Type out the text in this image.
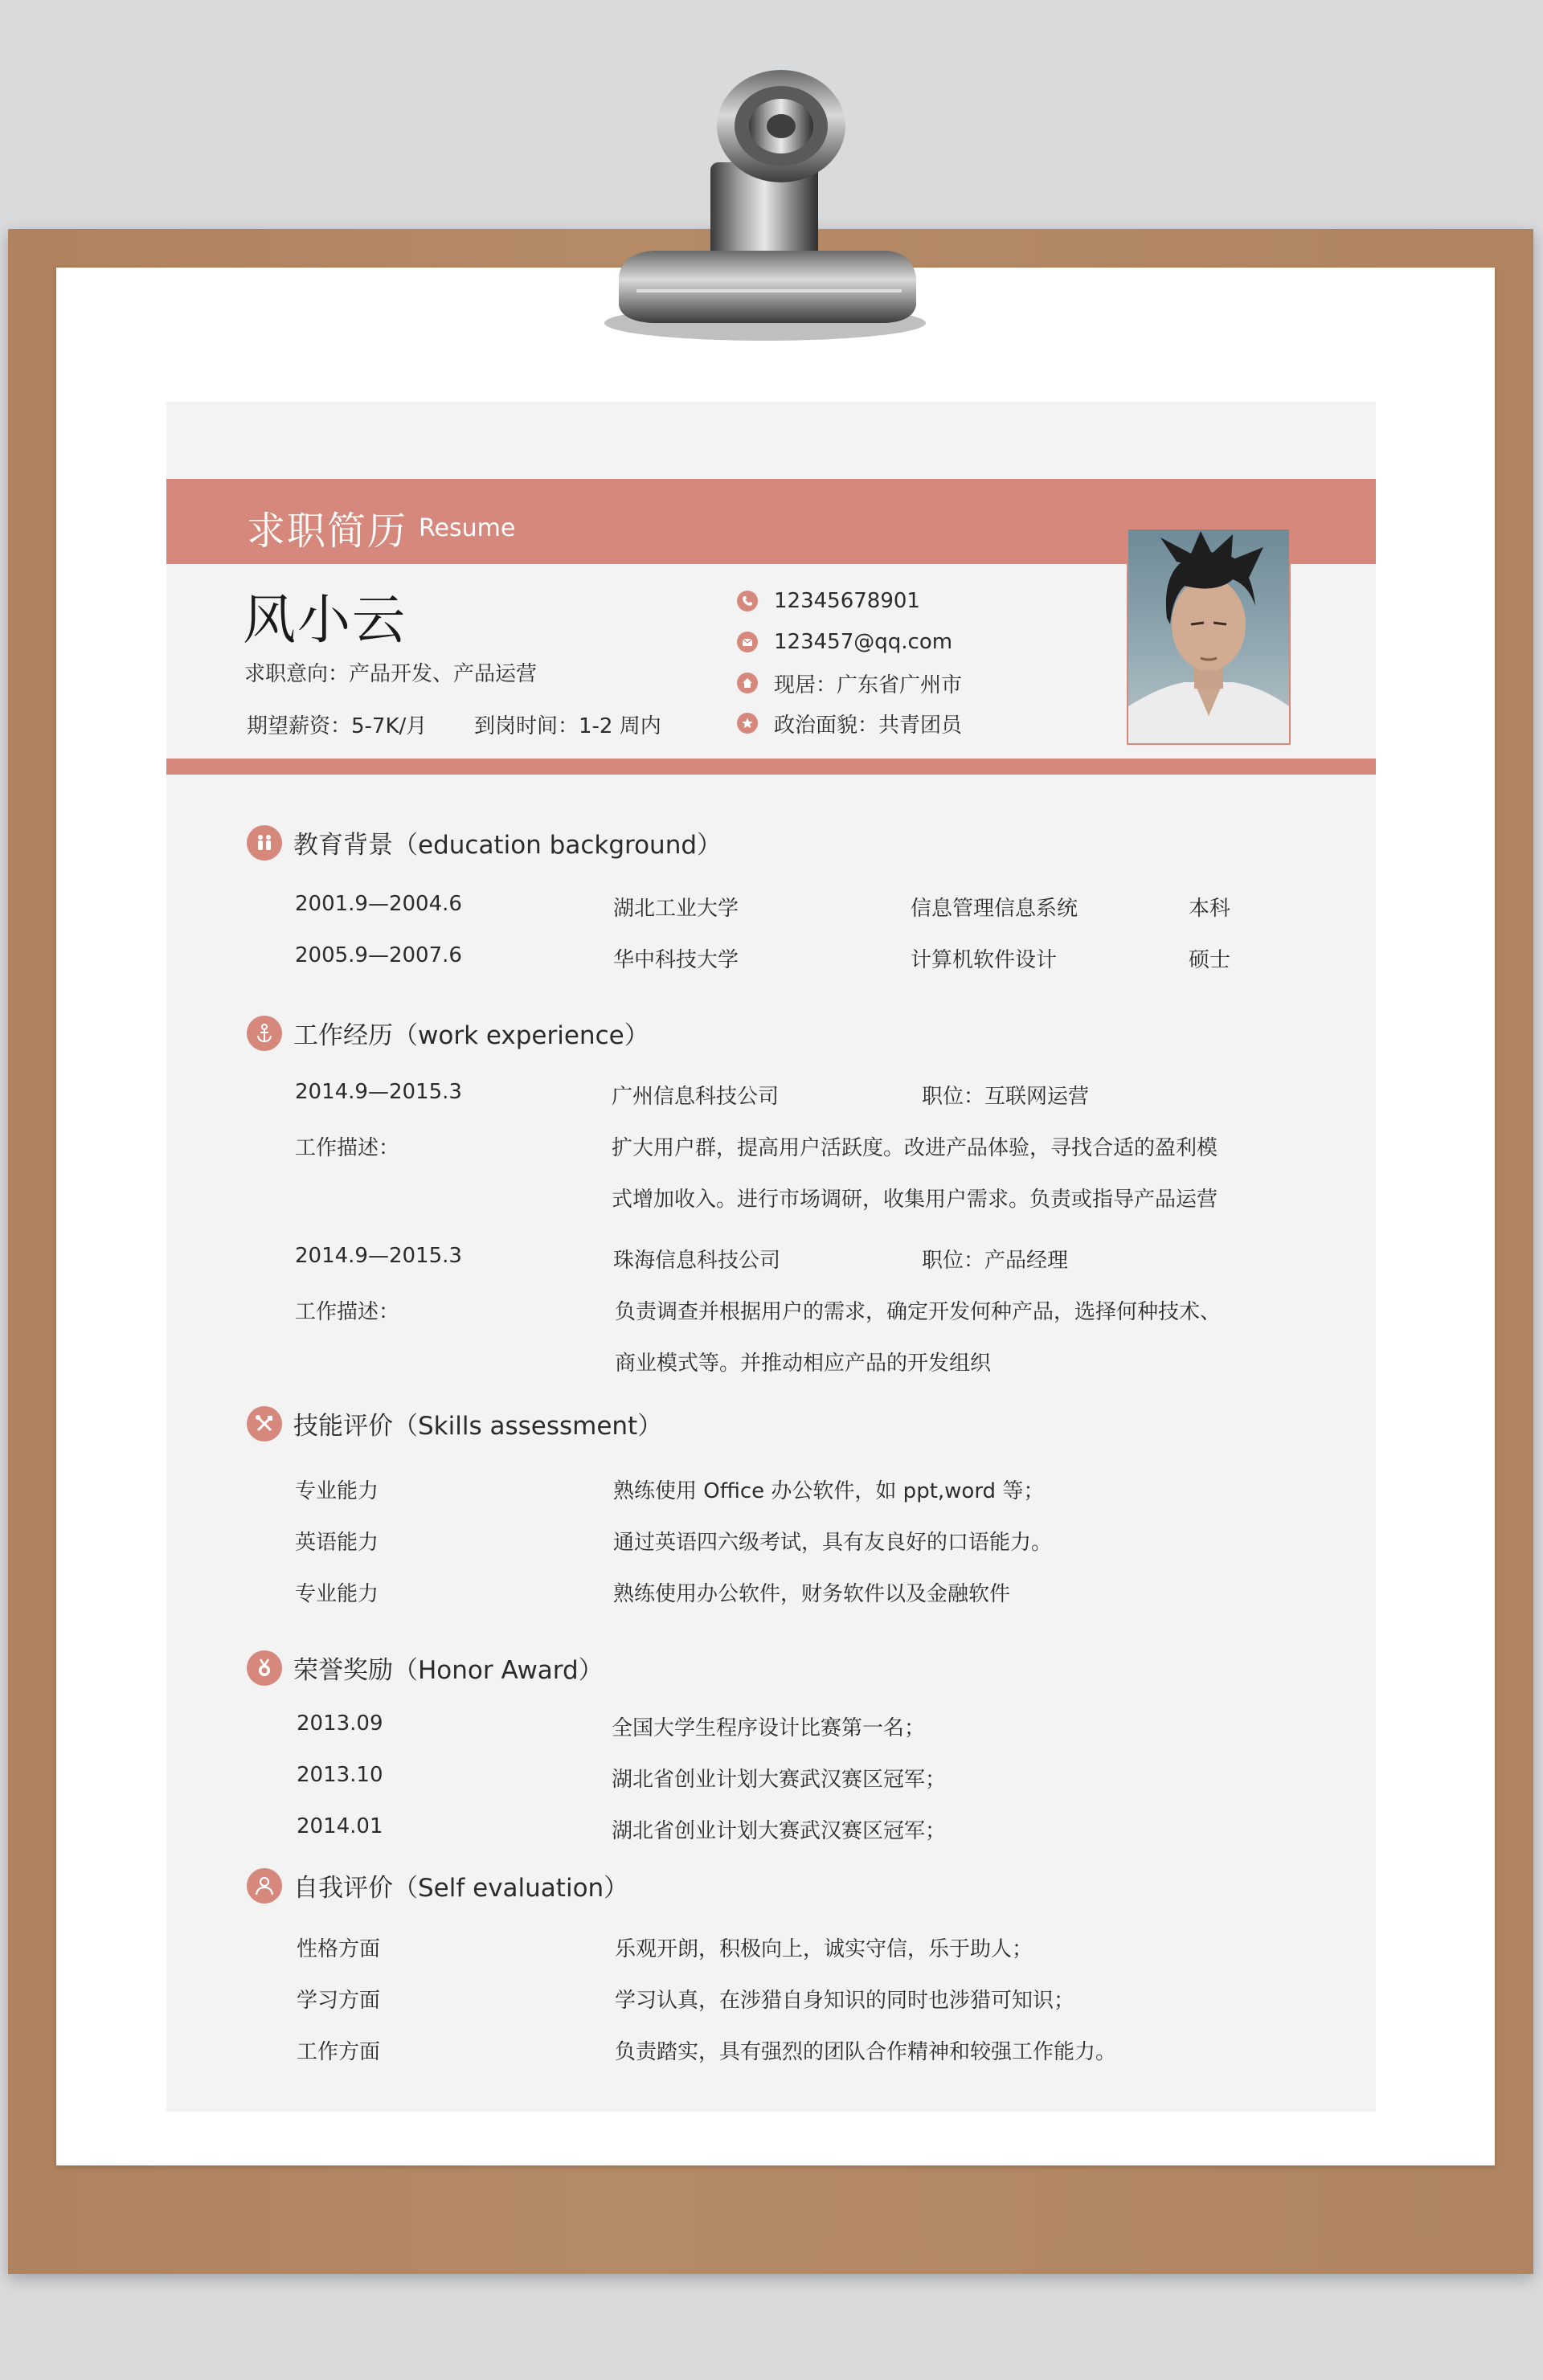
求职简历 Resume
风小云
求职意向：产品开发、产品运营
期望薪资：5-7K/月 到岗时间：1-2 周内
12345678901
123457@qq.com
现居：广东省广州市
政治面貌：共青团员
教育背景（education background）
2001.9—2004.6	湖北工业大学	信息管理信息系统	本科
2005.9—2007.6	华中科技大学	计算机软件设计	硕士
工作经历（work experience）
2014.9—2015.3	广州信息科技公司	职位：互联网运营
工作描述：	扩大用户群，提高用户活跃度。改进产品体验，寻找合适的盈利模
式增加收入。进行市场调研，收集用户需求。负责或指导产品运营
2014.9—2015.3	珠海信息科技公司	职位：产品经理
工作描述：	负责调查并根据用户的需求，确定开发何种产品，选择何种技术、
商业模式等。并推动相应产品的开发组织
技能评价（Skills assessment）
专业能力	熟练使用 Office 办公软件，如 ppt,word 等；
英语能力	通过英语四六级考试，具有友良好的口语能力。
专业能力	熟练使用办公软件，财务软件以及金融软件
荣誉奖励（Honor Award）
2013.09	全国大学生程序设计比赛第一名；
2013.10	湖北省创业计划大赛武汉赛区冠军；
2014.01	湖北省创业计划大赛武汉赛区冠军；
自我评价（Self evaluation）
性格方面	乐观开朗，积极向上，诚实守信，乐于助人；
学习方面	学习认真，在涉猎自身知识的同时也涉猎可知识；
工作方面	负责踏实，具有强烈的团队合作精神和较强工作能力。
